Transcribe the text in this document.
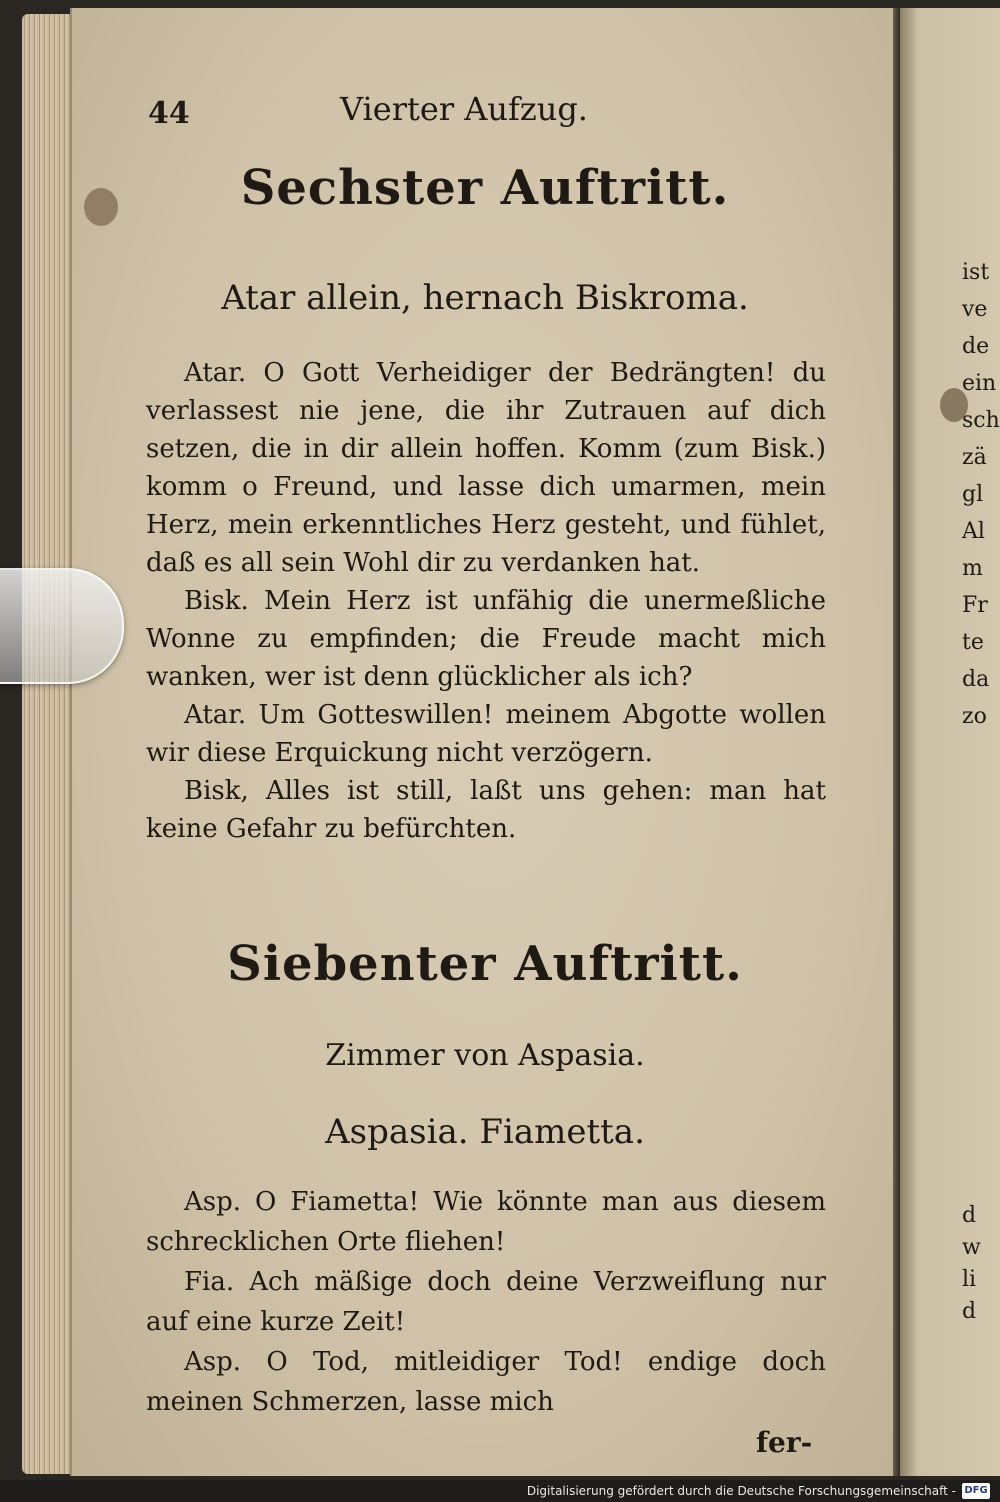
44	Vierter Aufzug.
Sechster Auftritt.
Atar allein, hernach Biskroma.

Atar. O Gott Verheidiger der Bedrängten! du verlassest nie jene, die ihr Zutrauen auf dich setzen, die in dir allein hoffen. Komm (zum Bisk.) komm o Freund, und lasse dich umarmen, mein Herz, mein erkenntliches Herz gesteht, und fühlet, daß es all sein Wohl dir zu verdanken hat.

Bisk. Mein Herz ist unfähig die unermeßliche Wonne zu empfinden; die Freude macht mich wanken, wer ist denn glücklicher als ich?

Atar. Um Gotteswillen! meinem Abgotte wollen wir diese Erquickung nicht verzögern.

Bisk, Alles ist still, laßt uns gehen: man hat keine Gefahr zu befürchten.

Siebenter Auftritt.
Zimmer von Aspasia.
Aspasia. Fiametta.

Asp. O Fiametta! Wie könnte man aus diesem schrecklichen Orte fliehen!

Fia. Ach mäßige doch deine Verzweiflung nur auf eine kurze Zeit!

Asp. O Tod, mitleidiger Tod! endige doch meinen Schmerzen, lasse mich

fer-
ist
ve
de
ein
sch
zä
gl
Al
m
Fr
te
da
zo
d
w
li
d
Digitalisierung gefördert durch die Deutsche Forschungsgemeinschaft - DFG
